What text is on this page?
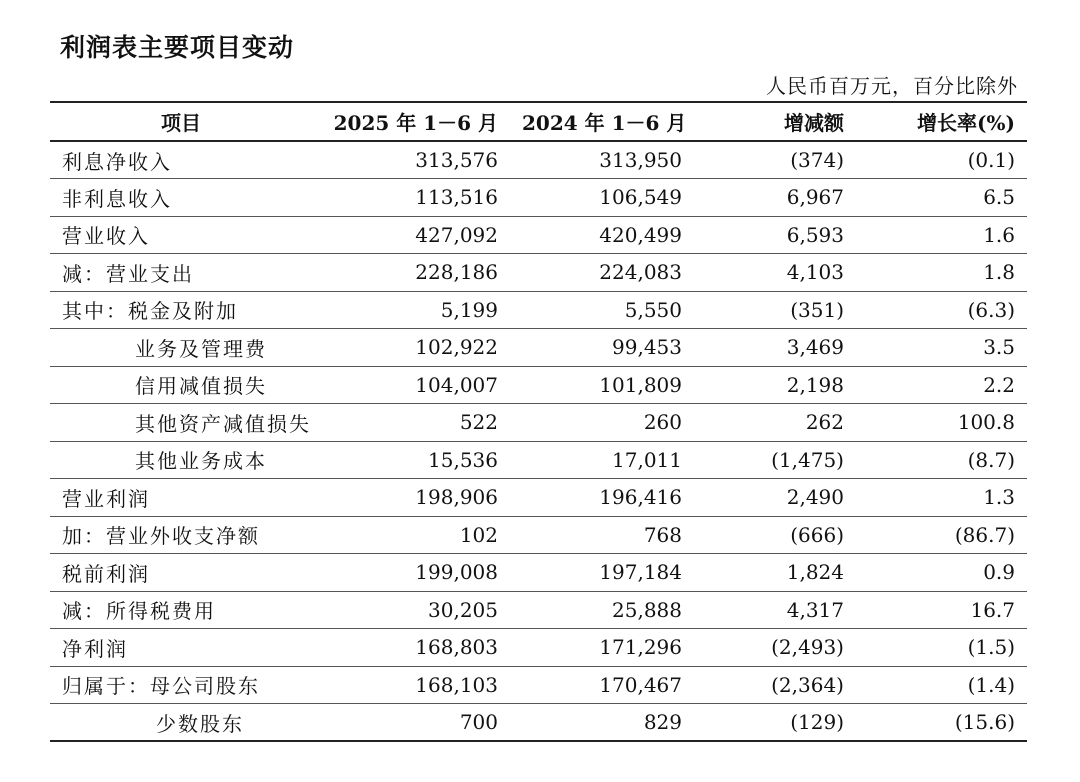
利润表主要项目变动
人民币百万元，百分比除外
项目	2025 年 1－6 月	2024 年 1－6 月	增减额	增长率(%)
利息净收入	313,576	313,950	(374)	(0.1)
非利息收入	113,516	106,549	6,967	6.5
营业收入	427,092	420,499	6,593	1.6
减：营业支出	228,186	224,083	4,103	1.8
其中：税金及附加	5,199	5,550	(351)	(6.3)
业务及管理费	102,922	99,453	3,469	3.5
信用减值损失	104,007	101,809	2,198	2.2
其他资产减值损失	522	260	262	100.8
其他业务成本	15,536	17,011	(1,475)	(8.7)
营业利润	198,906	196,416	2,490	1.3
加：营业外收支净额	102	768	(666)	(86.7)
税前利润	199,008	197,184	1,824	0.9
减：所得税费用	30,205	25,888	4,317	16.7
净利润	168,803	171,296	(2,493)	(1.5)
归属于：母公司股东	168,103	170,467	(2,364)	(1.4)
少数股东	700	829	(129)	(15.6)
